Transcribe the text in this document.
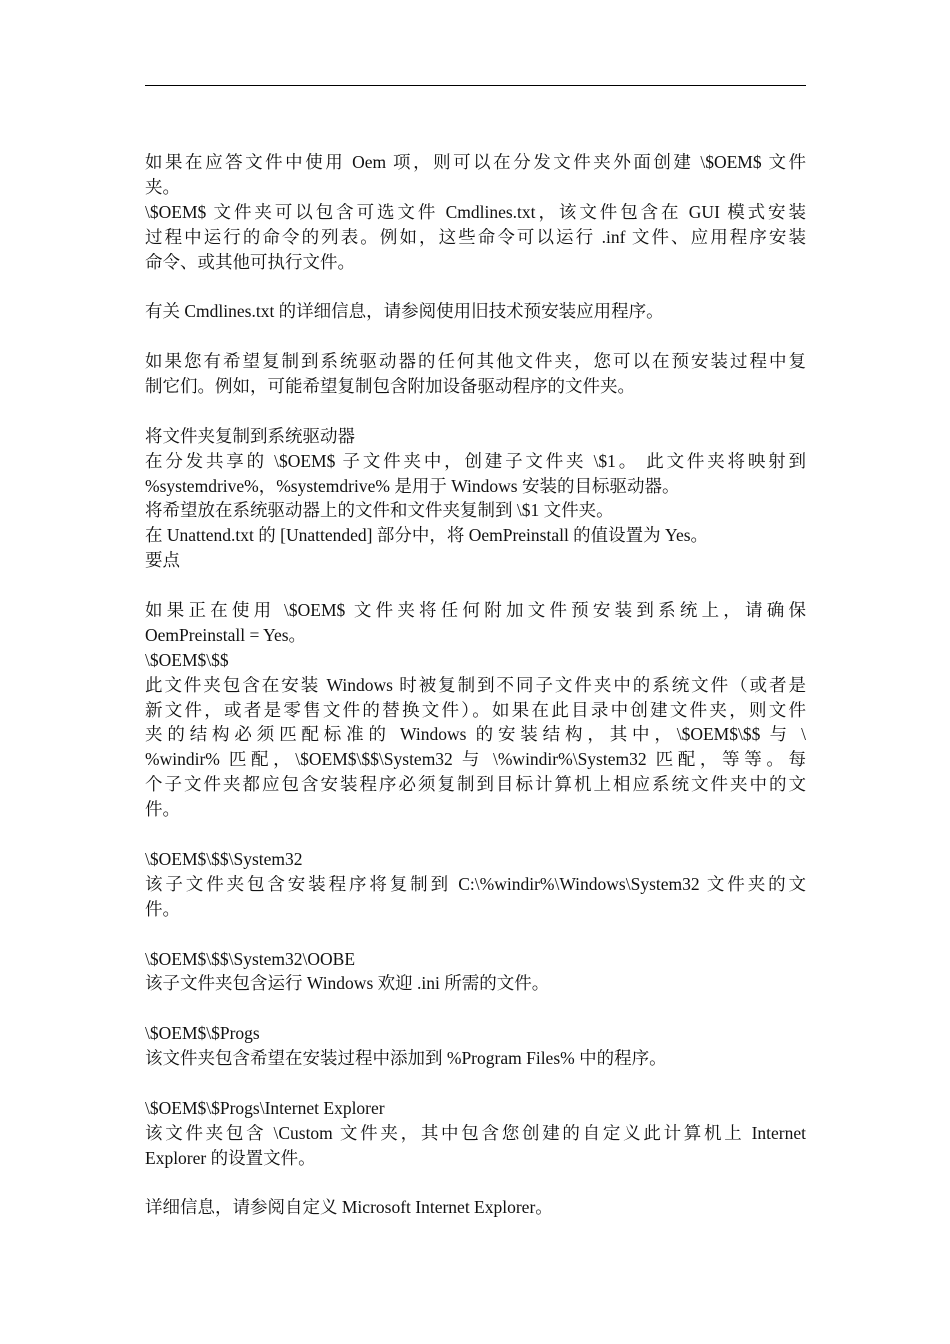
如果在应答文件中使用 Oem 项，则可以在分发文件夹外面创建 \$OEM$ 文件
夹。
\$OEM$ 文件夹可以包含可选文件 Cmdlines.txt，该文件包含在 GUI 模式安装
过程中运行的命令的列表。例如，这些命令可以运行 .inf 文件、应用程序安装
命令、或其他可执行文件。
有关 Cmdlines.txt 的详细信息，请参阅使用旧技术预安装应用程序。
如果您有希望复制到系统驱动器的任何其他文件夹，您可以在预安装过程中复
制它们。例如，可能希望复制包含附加设备驱动程序的文件夹。
将文件夹复制到系统驱动器
在分发共享的 \$OEM$ 子文件夹中，创建子文件夹 \$1。 此文件夹将映射到
%systemdrive%，%systemdrive% 是用于 Windows 安装的目标驱动器。
将希望放在系统驱动器上的文件和文件夹复制到 \$1 文件夹。
在 Unattend.txt 的 [Unattended] 部分中，将 OemPreinstall 的值设置为 Yes。
要点
如果正在使用 \$OEM$ 文件夹将任何附加文件预安装到系统上，请确保
OemPreinstall = Yes。
\$OEM$\$$
此文件夹包含在安装 Windows 时被复制到不同子文件夹中的系统文件（或者是
新文件，或者是零售文件的替换文件）。如果在此目录中创建文件夹，则文件
夹的结构必须匹配标准的 Windows 的安装结构，其中，\$OEM$\$$ 与 \
%windir% 匹配，\$OEM$\$$\System32 与 \%windir%\System32 匹配，等等。每
个子文件夹都应包含安装程序必须复制到目标计算机上相应系统文件夹中的文
件。
\$OEM$\$$\System32
该子文件夹包含安装程序将复制到 C:\%windir%\Windows\System32 文件夹的文
件。
\$OEM$\$$\System32\OOBE
该子文件夹包含运行 Windows 欢迎 .ini 所需的文件。
\$OEM$\$Progs
该文件夹包含希望在安装过程中添加到 %Program Files% 中的程序。
\$OEM$\$Progs\Internet Explorer
该文件夹包含 \Custom 文件夹，其中包含您创建的自定义此计算机上 Internet
Explorer 的设置文件。
详细信息，请参阅自定义 Microsoft Internet Explorer。
